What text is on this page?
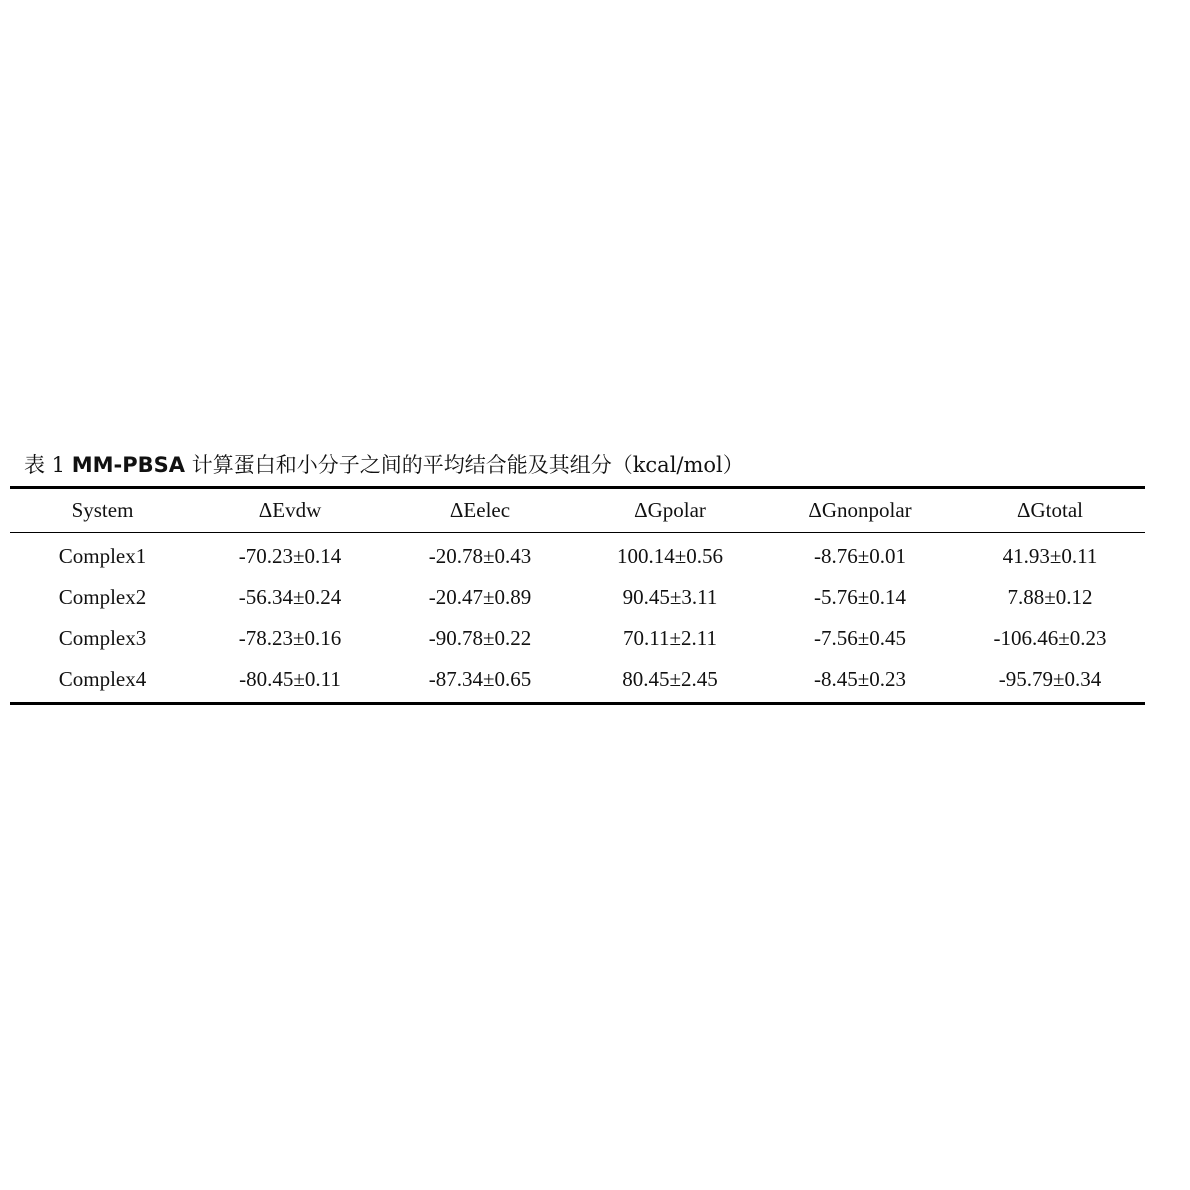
表 1 MM-PBSA 计算蛋白和小分子之间的平均结合能及其组分（kcal/mol）
System	ΔEvdw	ΔEelec	ΔGpolar	ΔGnonpolar	ΔGtotal
Complex1	-70.23±0.14	-20.78±0.43	100.14±0.56	-8.76±0.01	41.93±0.11
Complex2	-56.34±0.24	-20.47±0.89	90.45±3.11	-5.76±0.14	7.88±0.12
Complex3	-78.23±0.16	-90.78±0.22	70.11±2.11	-7.56±0.45	-106.46±0.23
Complex4	-80.45±0.11	-87.34±0.65	80.45±2.45	-8.45±0.23	-95.79±0.34
